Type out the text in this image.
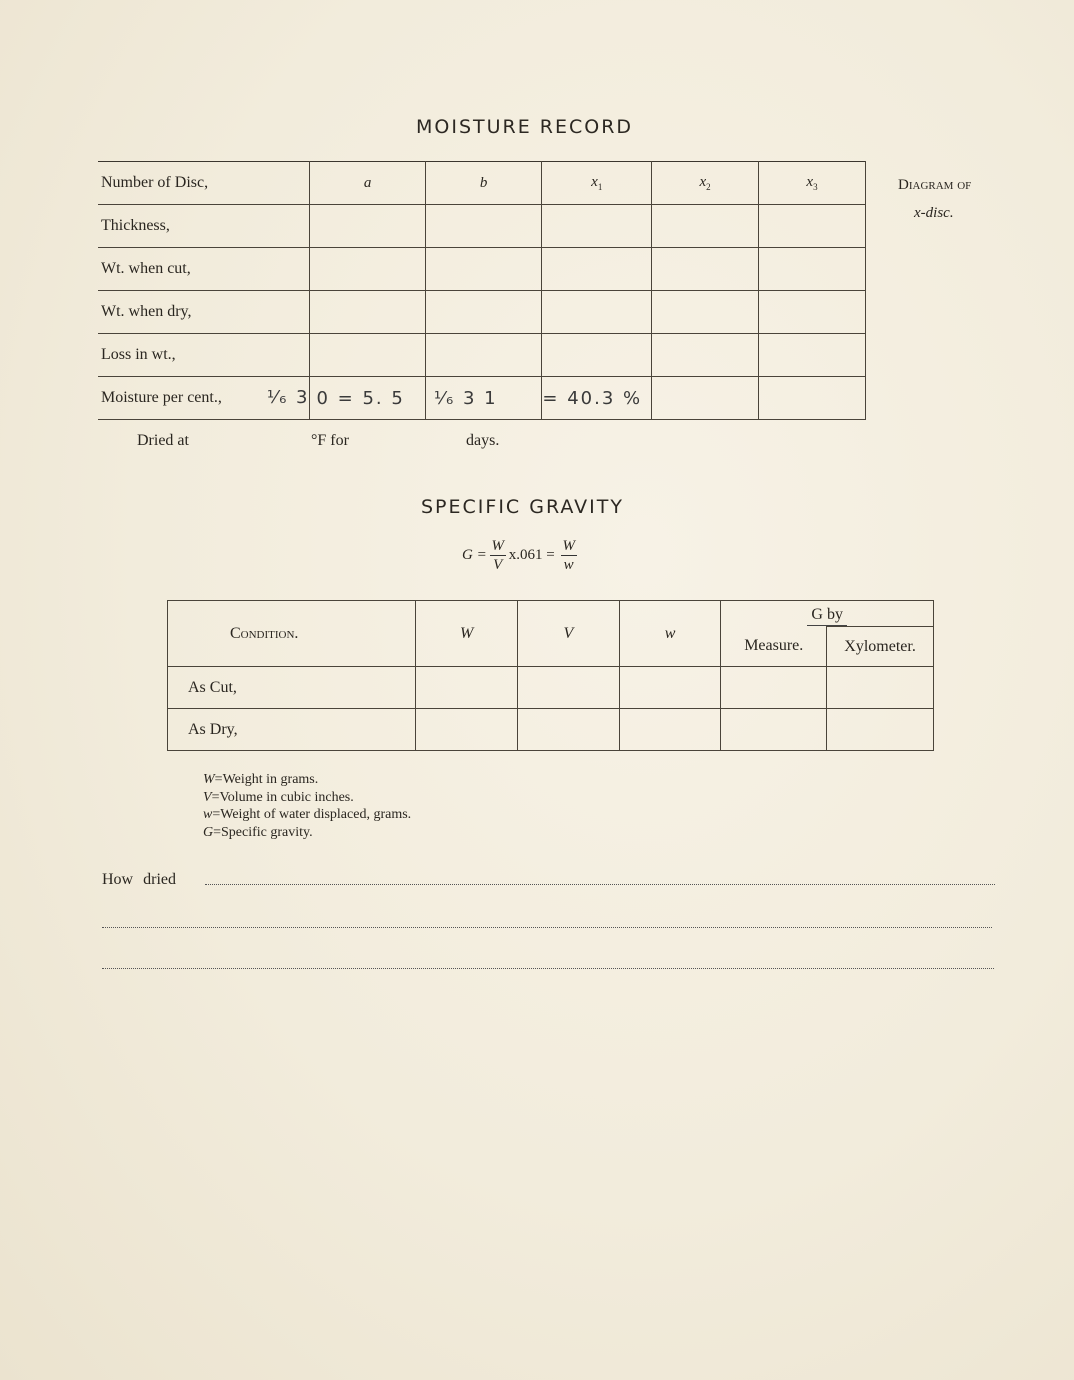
MOISTURE RECORD
Number of Disc,	a	b	$x_1$	$x_2$	$x_3$
Thickness,					
Wt. when cut,					
Wt. when dry,					
Loss in wt.,					
Moisture per cent., ⅟₆ 3	0 = 5. 5	⅟₆ 3 1	= 40.3 %		
Diagram of
x-disc.
Dried at	°F for	days.
SPECIFIC GRAVITY
$G = \frac{W}{V} x.061 = \frac{W}{w}$
Condition.	W	V	w	G by	
				Measure.	Xylometer.
As Cut,					
As Dry,					
W=Weight in grams.
V=Volume in cubic inches.
w=Weight of water displaced, grams.
G=Specific gravity.
How dried
